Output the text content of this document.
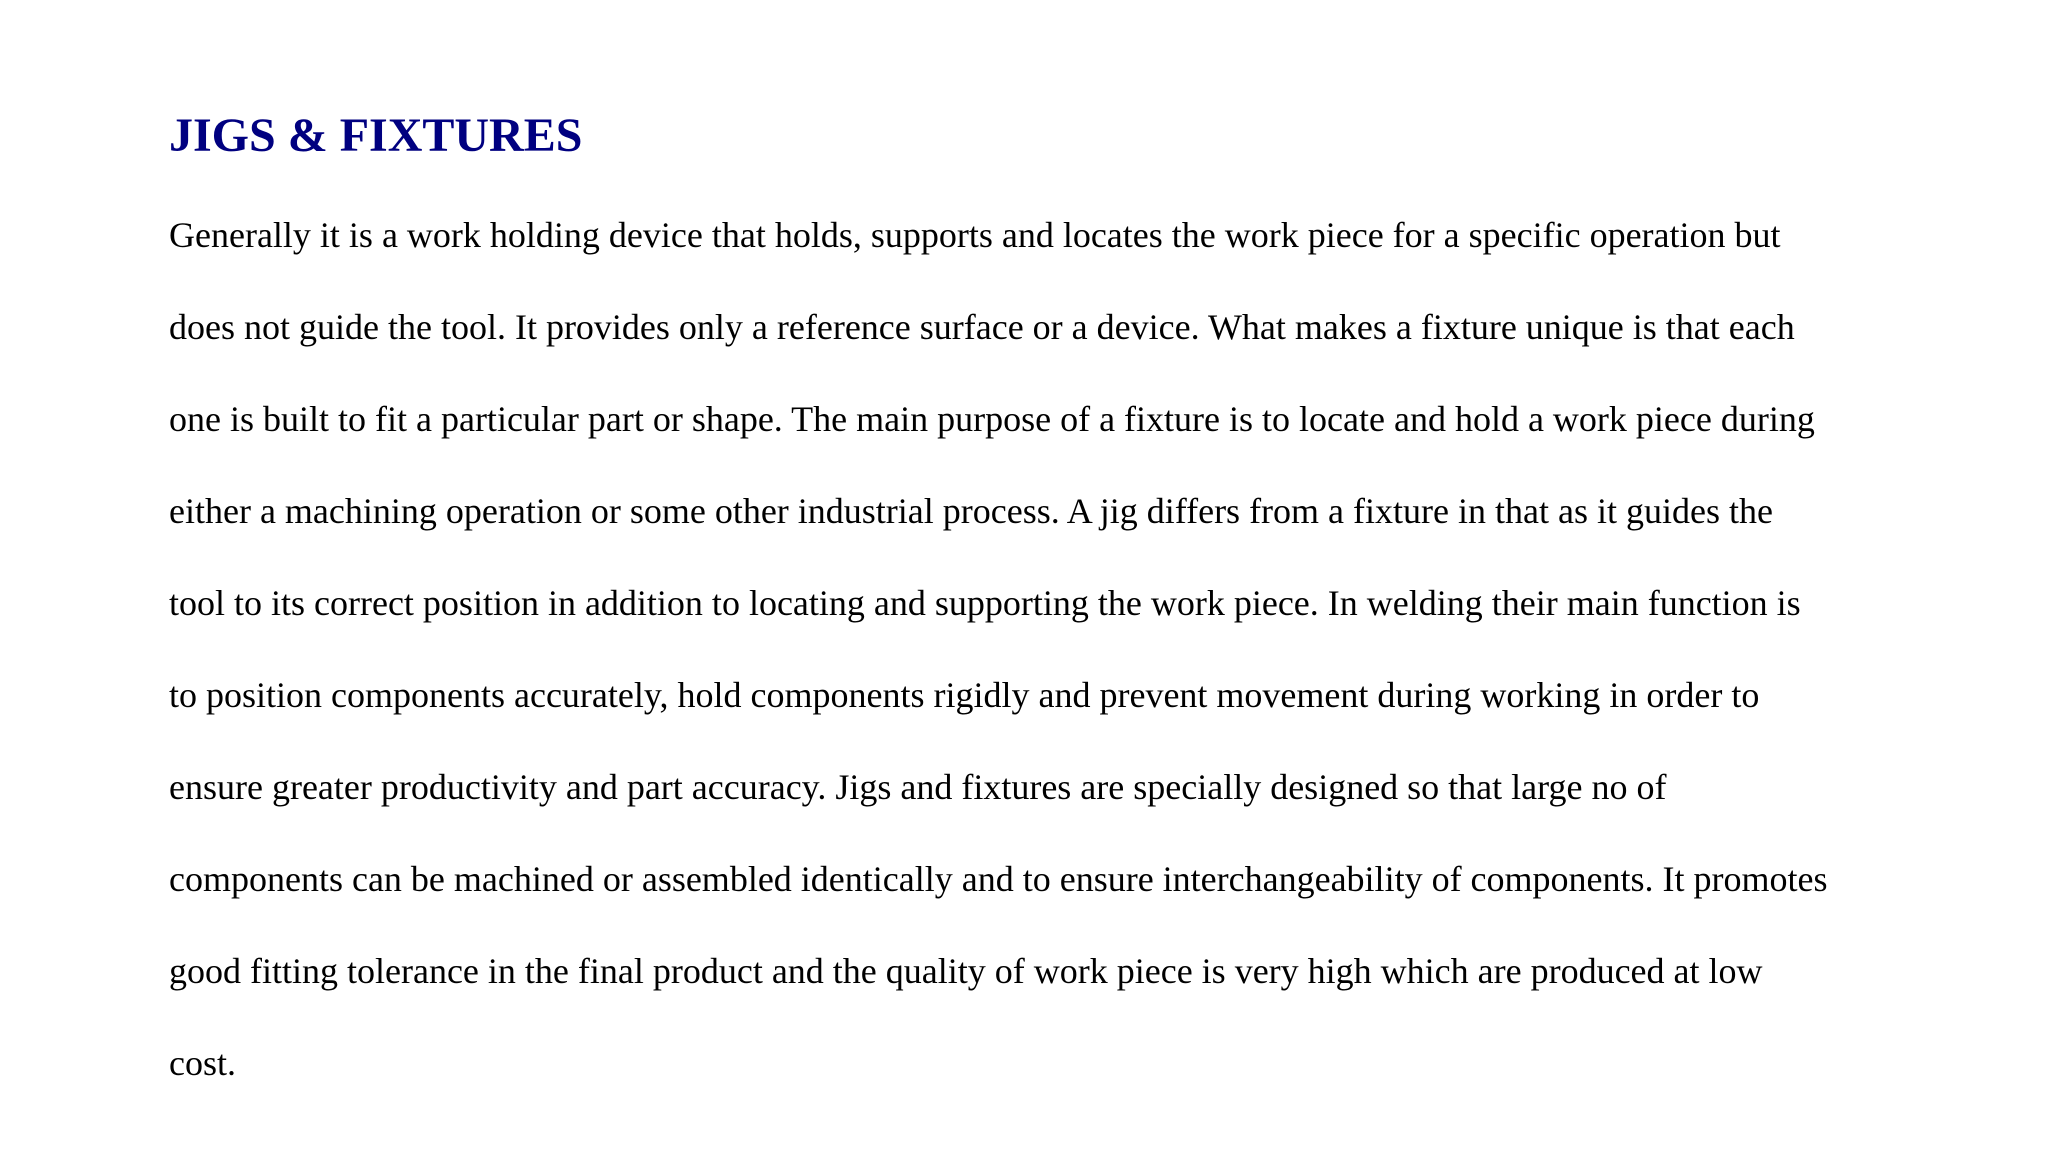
JIGS & FIXTURES

Generally it is a work holding device that holds, supports and locates the work piece for a specific operation but
does not guide the tool. It provides only a reference surface or a device. What makes a fixture unique is that each
one is built to fit a particular part or shape. The main purpose of a fixture is to locate and hold a work piece during
either a machining operation or some other industrial process. A jig differs from a fixture in that as it guides the
tool to its correct position in addition to locating and supporting the work piece. In welding their main function is
to position components accurately, hold components rigidly and prevent movement during working in order to
ensure greater productivity and part accuracy. Jigs and fixtures are specially designed so that large no of
components can be machined or assembled identically and to ensure interchangeability of components. It promotes
good fitting tolerance in the final product and the quality of work piece is very high which are produced at low
cost.
